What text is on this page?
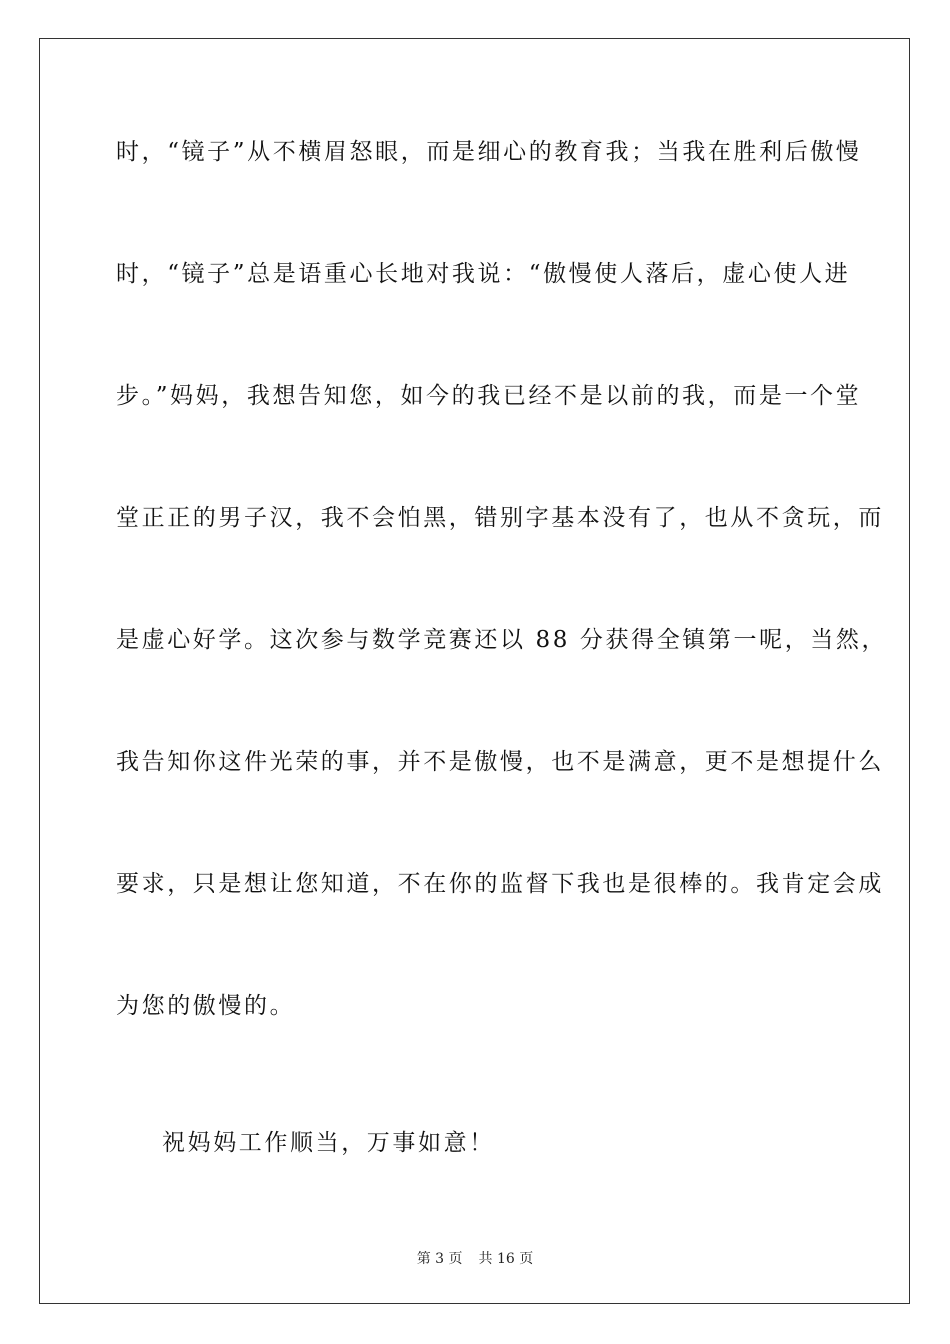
时，“镜子”从不横眉怒眼，而是细心的教育我；当我在胜利后傲慢
时，“镜子”总是语重心长地对我说：“傲慢使人落后，虚心使人进
步。”妈妈，我想告知您，如今的我已经不是以前的我，而是一个堂
堂正正的男子汉，我不会怕黑，错别字基本没有了，也从不贪玩，而
是虚心好学。这次参与数学竞赛还以 88 分获得全镇第一呢，当然，
我告知你这件光荣的事，并不是傲慢，也不是满意，更不是想提什么
要求，只是想让您知道，不在你的监督下我也是很棒的。我肯定会成
为您的傲慢的。
祝妈妈工作顺当，万事如意！
第 3 页 共 16 页
